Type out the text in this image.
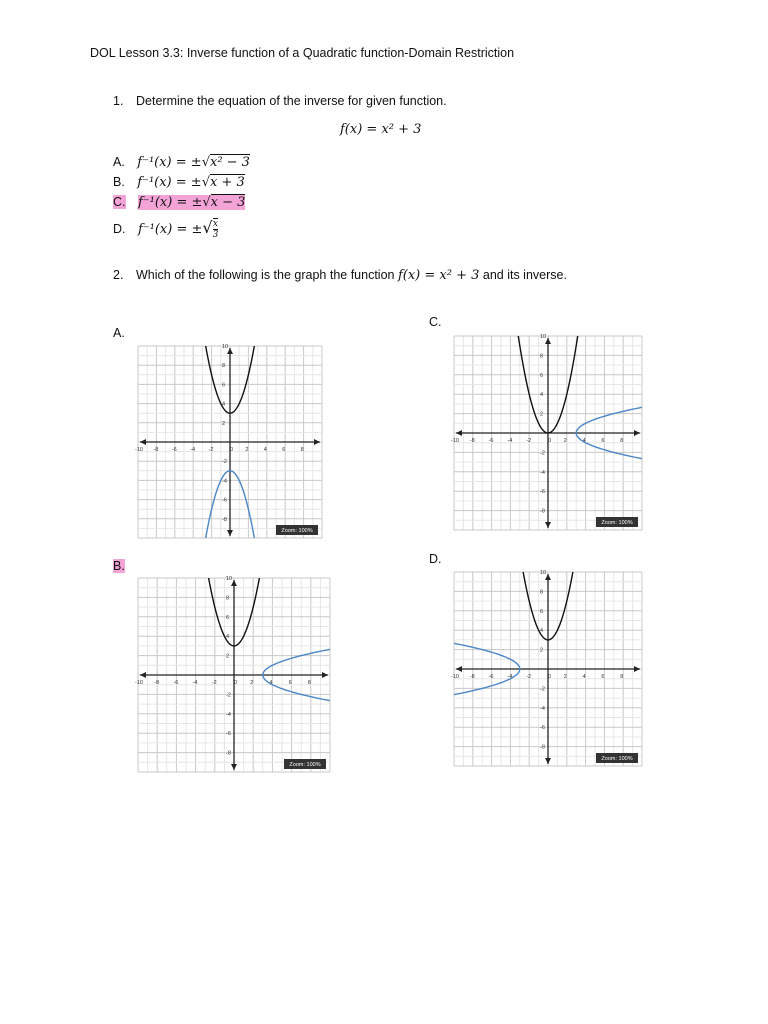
DOL Lesson 3.3: Inverse function of a Quadratic function-Domain Restriction
1. Determine the equation of the inverse for given function.
f(x) = x² + 3
A. f⁻¹(x) = ±√x² − 3
B. f⁻¹(x) = ±√x + 3
C. f⁻¹(x) = ±√x − 3
D. f⁻¹(x) = ±√ $\frac{x}{3}$
2. Which of the following is the graph the function f(x) = x² + 3 and its inverse.
A.
B.
C.
D.
-10 -8 -6 -4 -2	0 2	4	6	8
10
8
6
4
2
-2
-4
-6
-8
Zoom: 100%
-10 -8	-6	-4	-2	0 2	4	6	8
10
8
6
4
2
-2
-4
-6
-8
Zoom: 100%
-10 -8	-6	-4	-2	0 2	4	6	8
10
8
6
4
2
-2
-4
-6
-8
Zoom: 100%
-10 -8	-6	-4	-2	0 2	4	6	8
10
8
6
4
2
-2
-4
-6
-8
Zoom: 100%
